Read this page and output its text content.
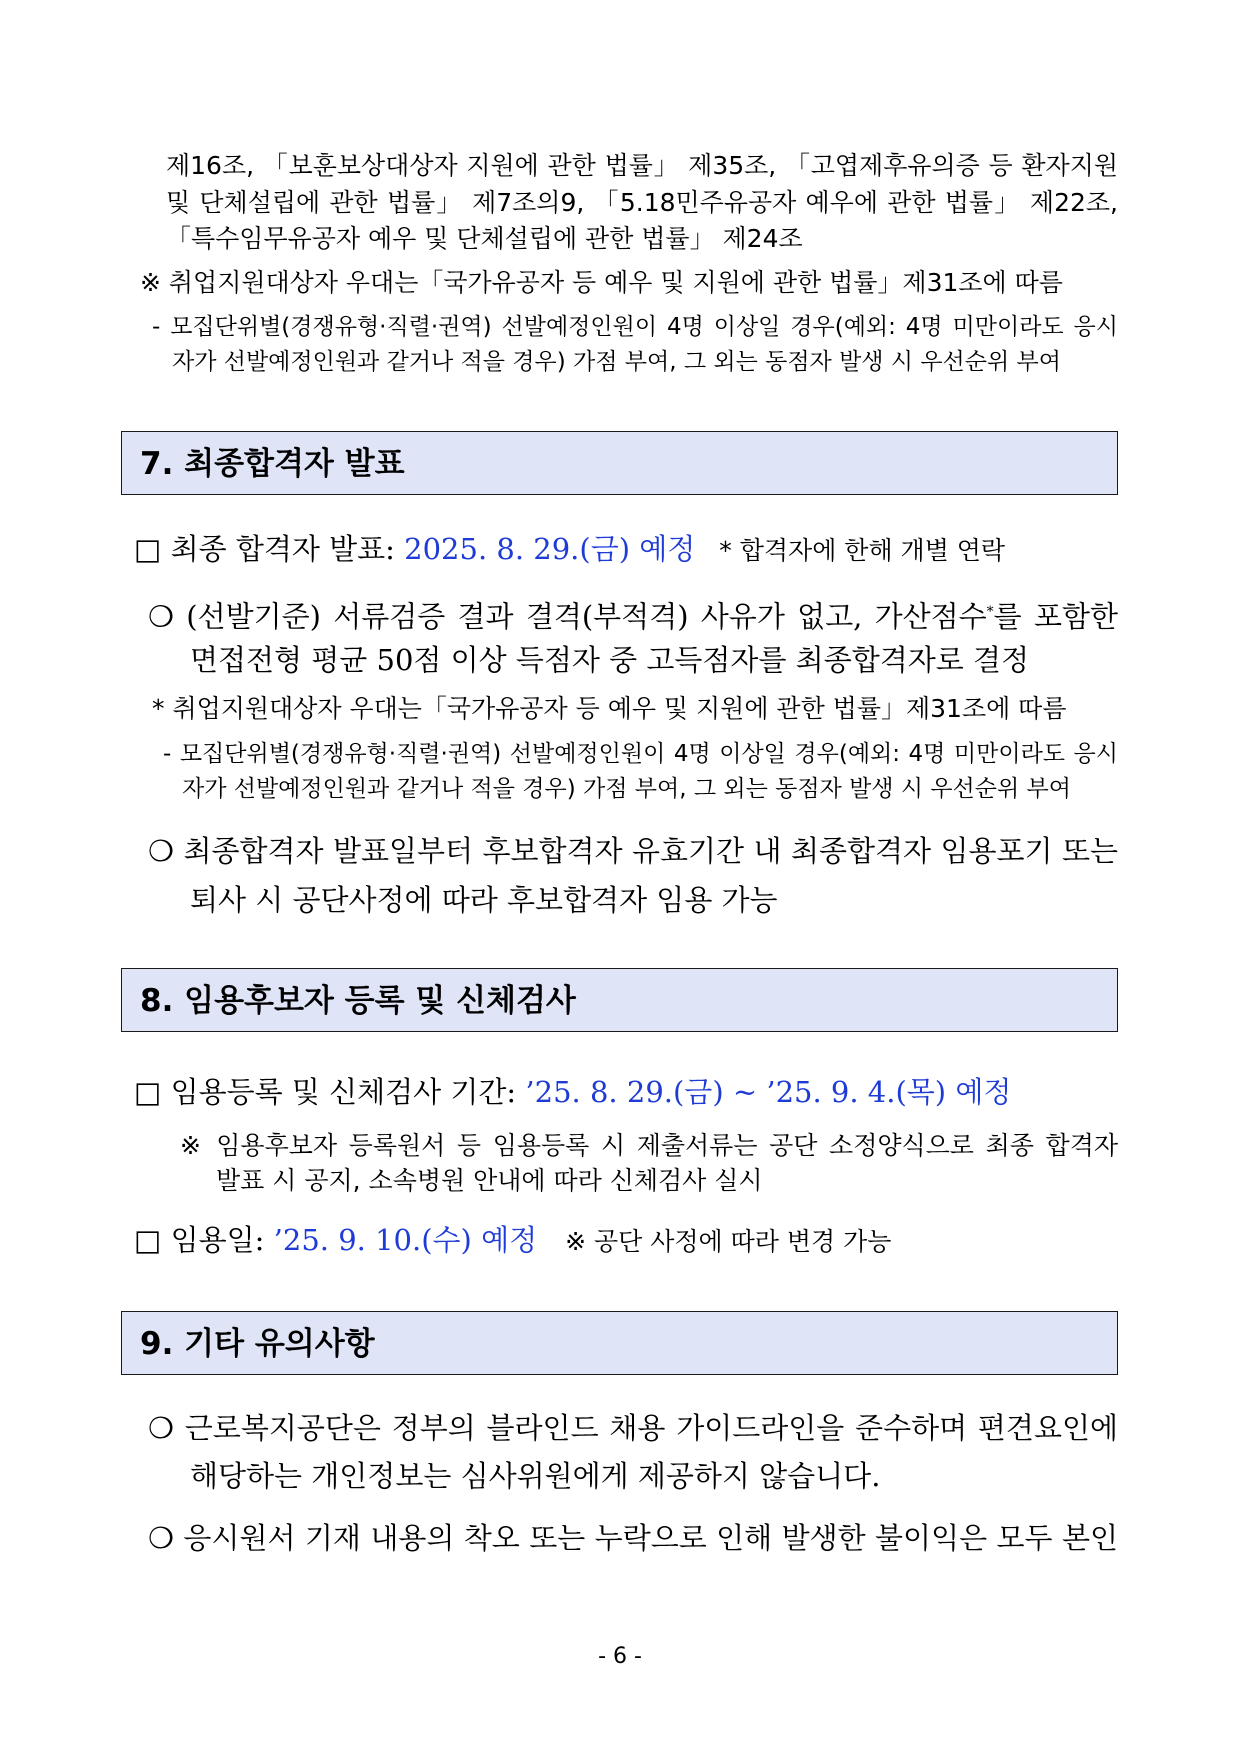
제16조, 「보훈보상대상자 지원에 관한 법률」 제35조, 「고엽제후유의증 등 환자지원
및 단체설립에 관한 법률」 제7조의9, 「5.18민주유공자 예우에 관한 법률」 제22조,
「특수임무유공자 예우 및 단체설립에 관한 법률」 제24조
※ 취업지원대상자 우대는「국가유공자 등 예우 및 지원에 관한 법률」제31조에 따름
- 모집단위별(경쟁유형·직렬·권역) 선발예정인원이 4명 이상일 경우(예외: 4명 미만이라도 응시
자가 선발예정인원과 같거나 적을 경우) 가점 부여, 그 외는 동점자 발생 시 우선순위 부여
7. 최종합격자 발표
□ 최종 합격자 발표: 2025. 8. 29.(금) 예정 * 합격자에 한해 개별 연락
❍ (선발기준) 서류검증 결과 결격(부적격) 사유가 없고, 가산점수*를 포함한
면접전형 평균 50점 이상 득점자 중 고득점자를 최종합격자로 결정
* 취업지원대상자 우대는「국가유공자 등 예우 및 지원에 관한 법률」제31조에 따름
- 모집단위별(경쟁유형·직렬·권역) 선발예정인원이 4명 이상일 경우(예외: 4명 미만이라도 응시
자가 선발예정인원과 같거나 적을 경우) 가점 부여, 그 외는 동점자 발생 시 우선순위 부여
❍ 최종합격자 발표일부터 후보합격자 유효기간 내 최종합격자 임용포기 또는
퇴사 시 공단사정에 따라 후보합격자 임용 가능
8. 임용후보자 등록 및 신체검사
□ 임용등록 및 신체검사 기간: ’25. 8. 29.(금) ~ ’25. 9. 4.(목) 예정
※ 임용후보자 등록원서 등 임용등록 시 제출서류는 공단 소정양식으로 최종 합격자
발표 시 공지, 소속병원 안내에 따라 신체검사 실시
□ 임용일: ’25. 9. 10.(수) 예정 ※ 공단 사정에 따라 변경 가능
9. 기타 유의사항
❍ 근로복지공단은 정부의 블라인드 채용 가이드라인을 준수하며 편견요인에
해당하는 개인정보는 심사위원에게 제공하지 않습니다.
❍ 응시원서 기재 내용의 착오 또는 누락으로 인해 발생한 불이익은 모두 본인
- 6 -
